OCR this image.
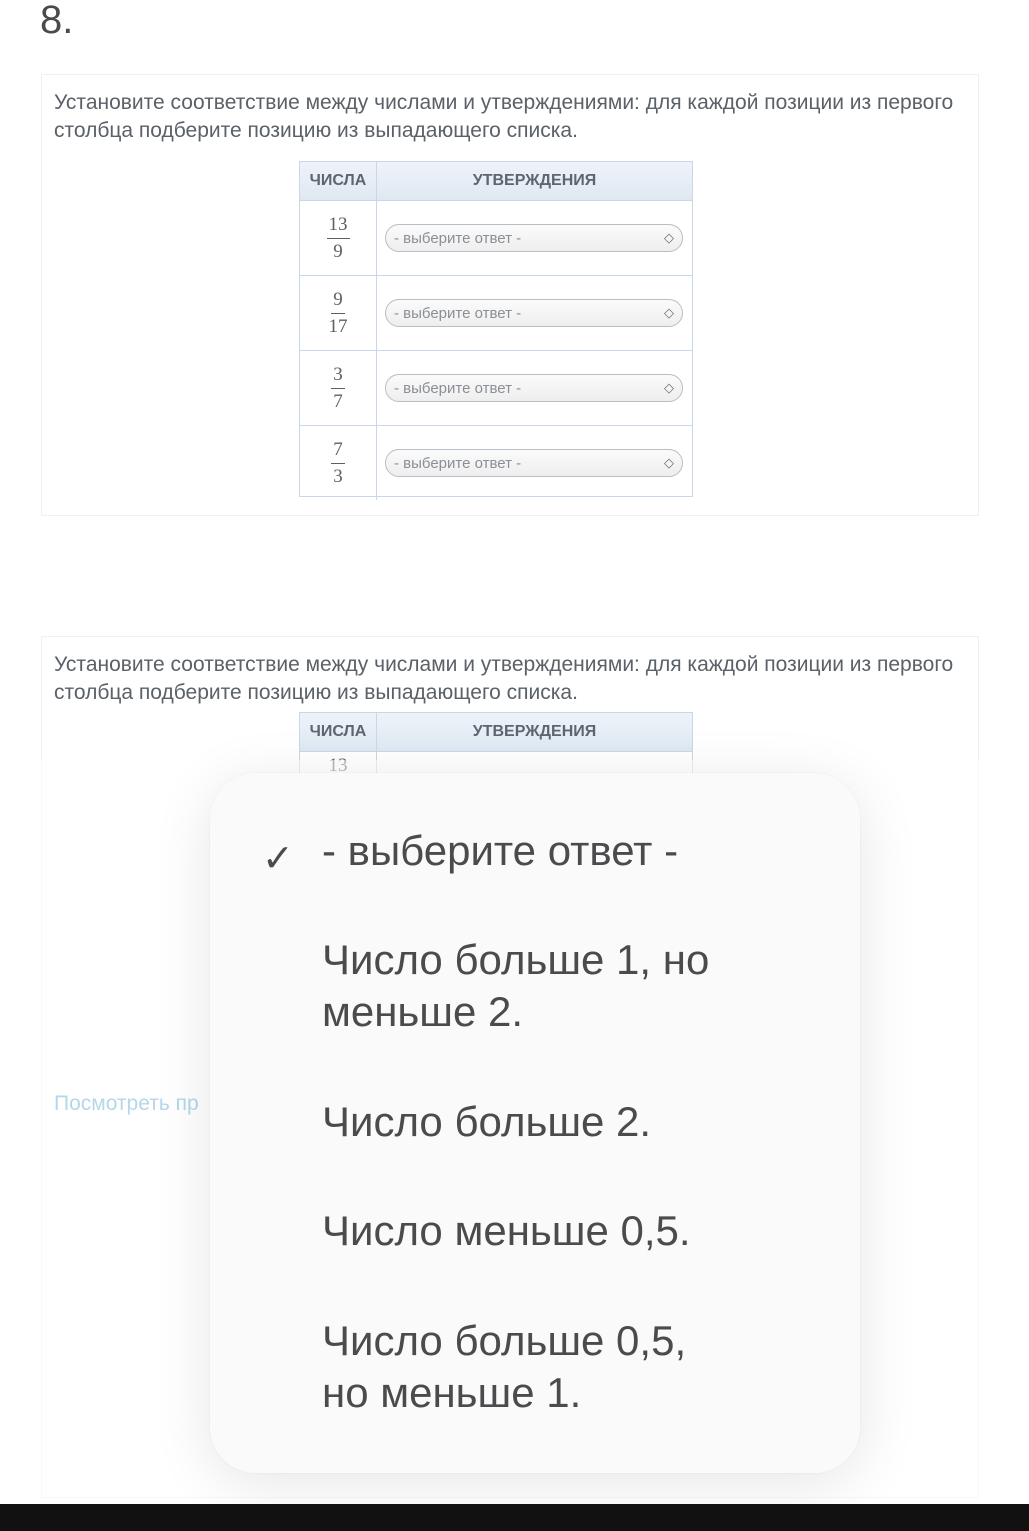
8.
Установите соответствие между числами и утверждениями: для каждой позиции из первого столбца подберите позицию из выпадающего списка.
ЧИСЛА	УТВЕРЖДЕНИЯ
$\frac{13}{9}$	- выберите ответ -	◇
$\frac{9}{17}$	- выберите ответ -	◇
$\frac{3}{7}$	- выберите ответ -	◇
$\frac{7}{3}$	- выберите ответ -	◇
Установите соответствие между числами и утверждениями: для каждой позиции из первого столбца подберите позицию из выпадающего списка.
ЧИСЛА	УТВЕРЖДЕНИЯ
✓ - выберите ответ -
Число больше 1, но
меньше 2.
Число больше 2.
Число меньше 0,5.
Число больше 0,5,
но меньше 1.
